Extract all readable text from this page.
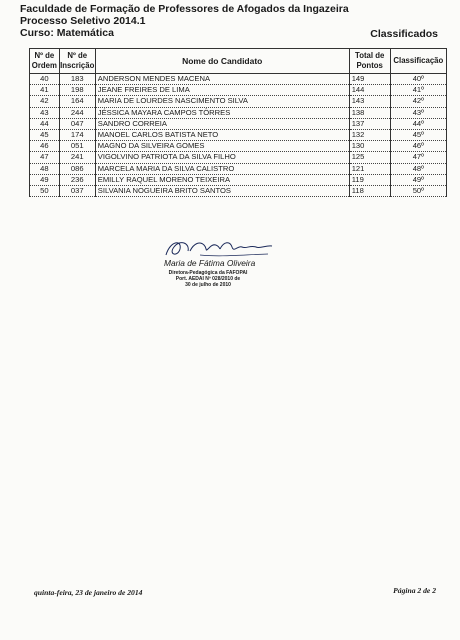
Faculdade de Formação de Professores de Afogados da Ingazeira
Processo Seletivo 2014.1
Curso: Matemática	Classificados
Nº de
Ordem	Nº de
Inscrição	Nome do Candidato	Total de
Pontos	Classificação
40	183	ANDERSON MENDES MACENA	149	40º
41	198	JEANE FREIRES DE LIMA	144	41º
42	164	MARIA DE LOURDES NASCIMENTO SILVA	143	42º
43	244	JÉSSICA MAYARA CAMPOS TÔRRES	138	43º
44	047	SANDRO CORREIA	137	44º
45	174	MANOEL CARLOS BATISTA NETO	132	45º
46	051	MAGNO DA SILVEIRA GOMES	130	46º
47	241	VIGOLVINO PATRIOTA DA SILVA FILHO	125	47º
48	086	MARCELA MARIA DA SILVA CALISTRO	121	48º
49	236	EMILLY RAQUEL MORENO TEIXEIRA	119	49º
50	037	SILVANIA NOGUEIRA BRITO SANTOS	118	50º
Maria de Fátima Oliveira
Diretora-Pedagógica da FAFOPAI
Port. AEDAI Nº 028/2010 de
30 de julho de 2010
quinta-feira, 23 de janeiro de 2014	Página 2 de 2
